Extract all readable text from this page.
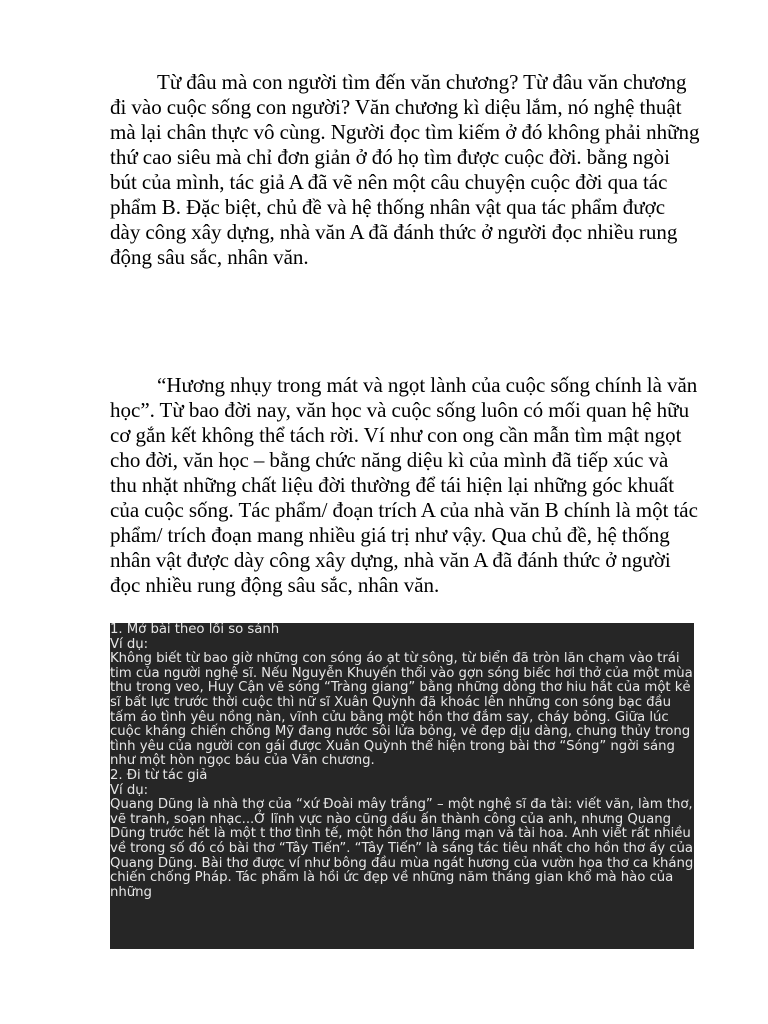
Từ đâu mà con người tìm đến văn chương? Từ đâu văn chương đi vào cuộc sống con người? Văn chương kì diệu lắm, nó nghệ thuật mà lại chân thực vô cùng. Người đọc tìm kiếm ở đó không phải những thứ cao siêu mà chỉ đơn giản ở đó họ tìm được cuộc đời. bằng ngòi bút của mình, tác giả A đã vẽ nên một câu chuyện cuộc đời qua tác phẩm B. Đặc biệt, chủ đề và hệ thống nhân vật qua tác phẩm được dày công xây dựng, nhà văn A đã đánh thức ở người đọc nhiều rung động sâu sắc, nhân văn.

“Hương nhụy trong mát và ngọt lành của cuộc sống chính là văn học”. Từ bao đời nay, văn học và cuộc sống luôn có mối quan hệ hữu cơ gắn kết không thể tách rời. Ví như con ong cần mẫn tìm mật ngọt cho đời, văn học – bằng chức năng diệu kì của mình đã tiếp xúc và thu nhặt những chất liệu đời thường để tái hiện lại những góc khuất của cuộc sống. Tác phẩm/ đoạn trích A của nhà văn B chính là một tác phẩm/ trích đoạn mang nhiều giá trị như vậy. Qua chủ đề, hệ thống nhân vật được dày công xây dựng, nhà văn A đã đánh thức ở người đọc nhiều rung động sâu sắc, nhân văn.

1. Mở bài theo lối so sánh

Ví dụ:

Không biết từ bao giờ những con sóng áo ạt từ sông, từ biển đã tròn lăn chạm vào trái tim của người nghệ sĩ. Nếu Nguyễn Khuyến thổi vào gợn sóng biếc hơi thở của một mùa thu trong veo, Huy Cận vẽ sóng “Tràng giang” bằng những dòng thơ hiu hắt của một kẻ sĩ bất lực trước thời cuộc thì nữ sĩ Xuân Quỳnh đã khoác lên những con sóng bạc đầu tấm áo tình yêu nồng nàn, vĩnh cửu bằng một hồn thơ đắm say, cháy bỏng. Giữa lúc cuộc kháng chiến chống Mỹ đang nước sôi lửa bỏng, vẻ đẹp dịu dàng, chung thủy trong tình yêu của người con gái được Xuân Quỳnh thể hiện trong bài thơ “Sóng” ngời sáng như một hòn ngọc báu của Văn chương.

2. Đi từ tác giả

Ví dụ:

Quang Dũng là nhà thơ của “xứ Đoài mây trắng” – một nghệ sĩ đa tài: viết văn, làm thơ, vẽ tranh, soạn nhạc...Ở lĩnh vực nào cũng dấu ấn thành công của anh, nhưng Quang Dũng trước hết là một t thơ tình tế, một hồn thơ lãng mạn và tài hoa. Anh viết rất nhiều về trong số đó có bài thơ “Tây Tiến”. “Tây Tiến” là sáng tác tiêu nhất cho hồn thơ ấy của Quang Dũng. Bài thơ được ví như bông đầu mùa ngát hương của vườn hoa thơ ca kháng chiến chống Pháp. Tác phẩm là hồi ức đẹp về những năm tháng gian khổ mà hào của những
